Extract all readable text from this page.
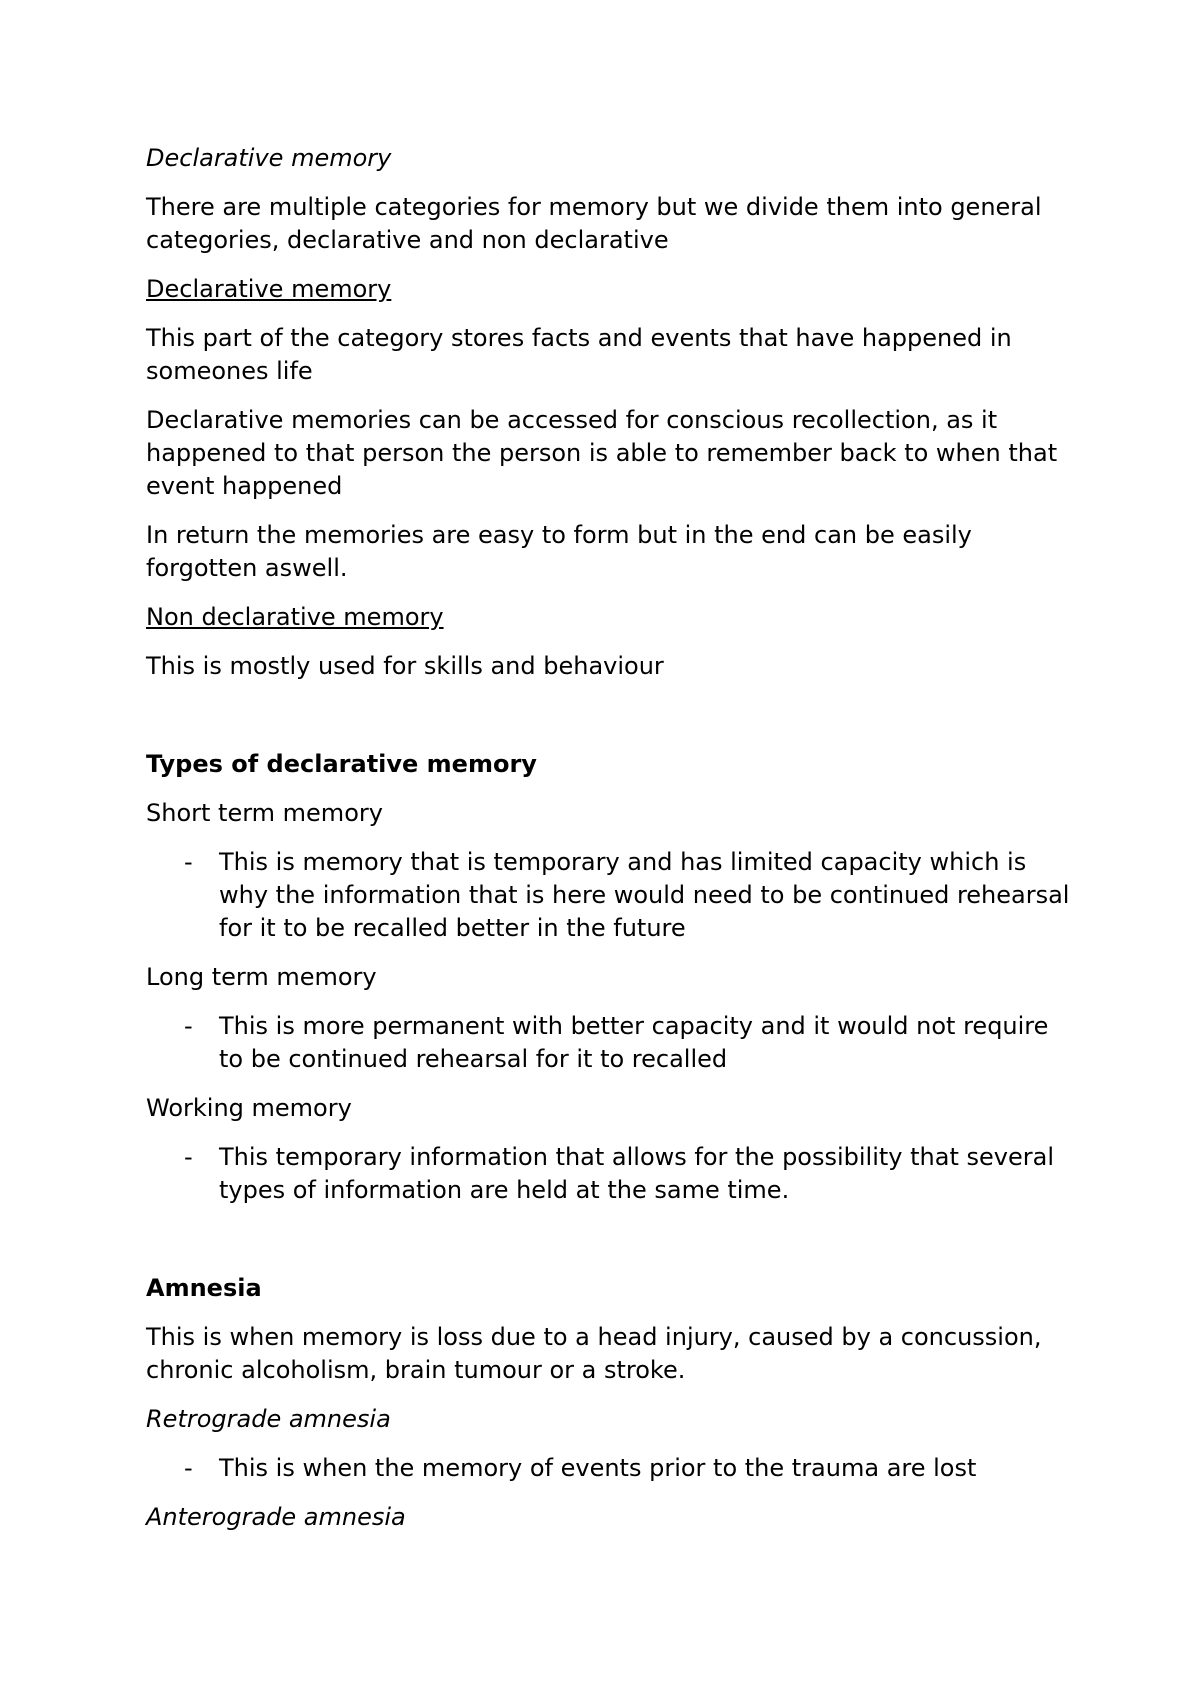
Declarative memory

There are multiple categories for memory but we divide them into general categories, declarative and non declarative

Declarative memory

This part of the category stores facts and events that have happened in someones life

Declarative memories can be accessed for conscious recollection, as it happened to that person the person is able to remember back to when that event happened

In return the memories are easy to form but in the end can be easily forgotten aswell.

Non declarative memory

This is mostly used for skills and behaviour

Types of declarative memory

Short term memory

- This is memory that is temporary and has limited capacity which is why the information that is here would need to be continued rehearsal for it to be recalled better in the future

Long term memory

- This is more permanent with better capacity and it would not require to be continued rehearsal for it to recalled

Working memory

- This temporary information that allows for the possibility that several types of information are held at the same time.

Amnesia

This is when memory is loss due to a head injury, caused by a concussion, chronic alcoholism, brain tumour or a stroke.

Retrograde amnesia

- This is when the memory of events prior to the trauma are lost

Anterograde amnesia
